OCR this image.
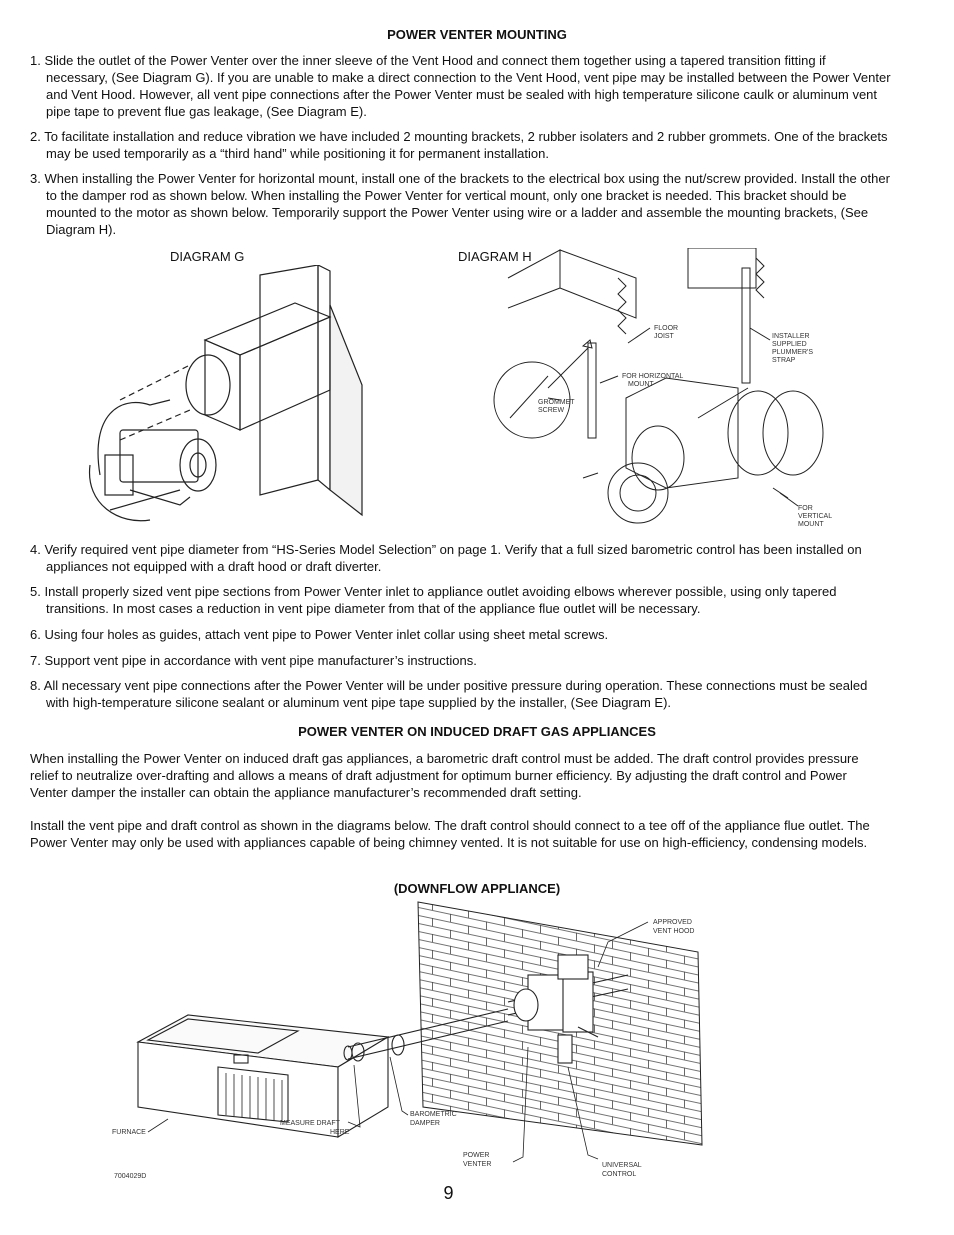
POWER VENTER MOUNTING
1. Slide the outlet of the Power Venter over the inner sleeve of the Vent Hood and connect them together using a tapered transition fitting if necessary, (See Diagram G). If you are unable to make a direct connection to the Vent Hood, vent pipe may be installed between the Power Venter and Vent Hood. However, all vent pipe connections after the Power Venter must be sealed with high temperature silicone caulk or aluminum vent pipe tape to prevent flue gas leakage, (See Diagram E).
2. To facilitate installation and reduce vibration we have included 2 mounting brackets, 2 rubber isolaters and 2 rubber grommets. One of the brackets may be used temporarily as a “third hand” while positioning it for permanent installation.
3. When installing the Power Venter for horizontal mount, install one of the brackets to the electrical box using the nut/screw provided. Install the other to the damper rod as shown below. When installing the Power Venter for vertical mount, only one bracket is needed. This bracket should be mounted to the motor as shown below. Temporarily support the Power Venter using wire or a ladder and assemble the mounting brackets, (See Diagram H).
DIAGRAM G	DIAGRAM H
FLOOR
JOIST	INSTALLER
SUPPLIED
PLUMMER'S
STRAP
FOR HORIZONTAL
MOUNT
GROMMET
SCREW
FOR
VERTICAL
MOUNT
4. Verify required vent pipe diameter from “HS-Series Model Selection” on page 1. Verify that a full sized barometric control has been installed on appliances not equipped with a draft hood or draft diverter.
5. Install properly sized vent pipe sections from Power Venter inlet to appliance outlet avoiding elbows wherever possible, using only tapered transitions. In most cases a reduction in vent pipe diameter from that of the appliance flue outlet will be necessary.
6. Using four holes as guides, attach vent pipe to Power Venter inlet collar using sheet metal screws.
7. Support vent pipe in accordance with vent pipe manufacturer’s instructions.
8. All necessary vent pipe connections after the Power Venter will be under positive pressure during operation. These connections must be sealed with high-temperature silicone sealant or aluminum vent pipe tape supplied by the installer, (See Diagram E).
POWER VENTER ON INDUCED DRAFT GAS APPLIANCES
When installing the Power Venter on induced draft gas appliances, a barometric draft control must be added. The draft control provides pressure relief to neutralize over-drafting and allows a means of draft adjustment for optimum burner efficiency. By adjusting the draft control and Power Venter damper the installer can obtain the appliance manufacturer’s recommended draft setting.
Install the vent pipe and draft control as shown in the diagrams below. The draft control should connect to a tee off of the appliance flue outlet. The Power Venter may only be used with appliances capable of being chimney vented. It is not suitable for use on high-efficiency, condensing models.
(DOWNFLOW APPLIANCE)
APPROVED
VENT HOOD
FURNACE
MEASURE DRAFT
HERE
BAROMETRIC
DAMPER
POWER
VENTER	UNIVERSAL
CONTROL
7004029D
9
